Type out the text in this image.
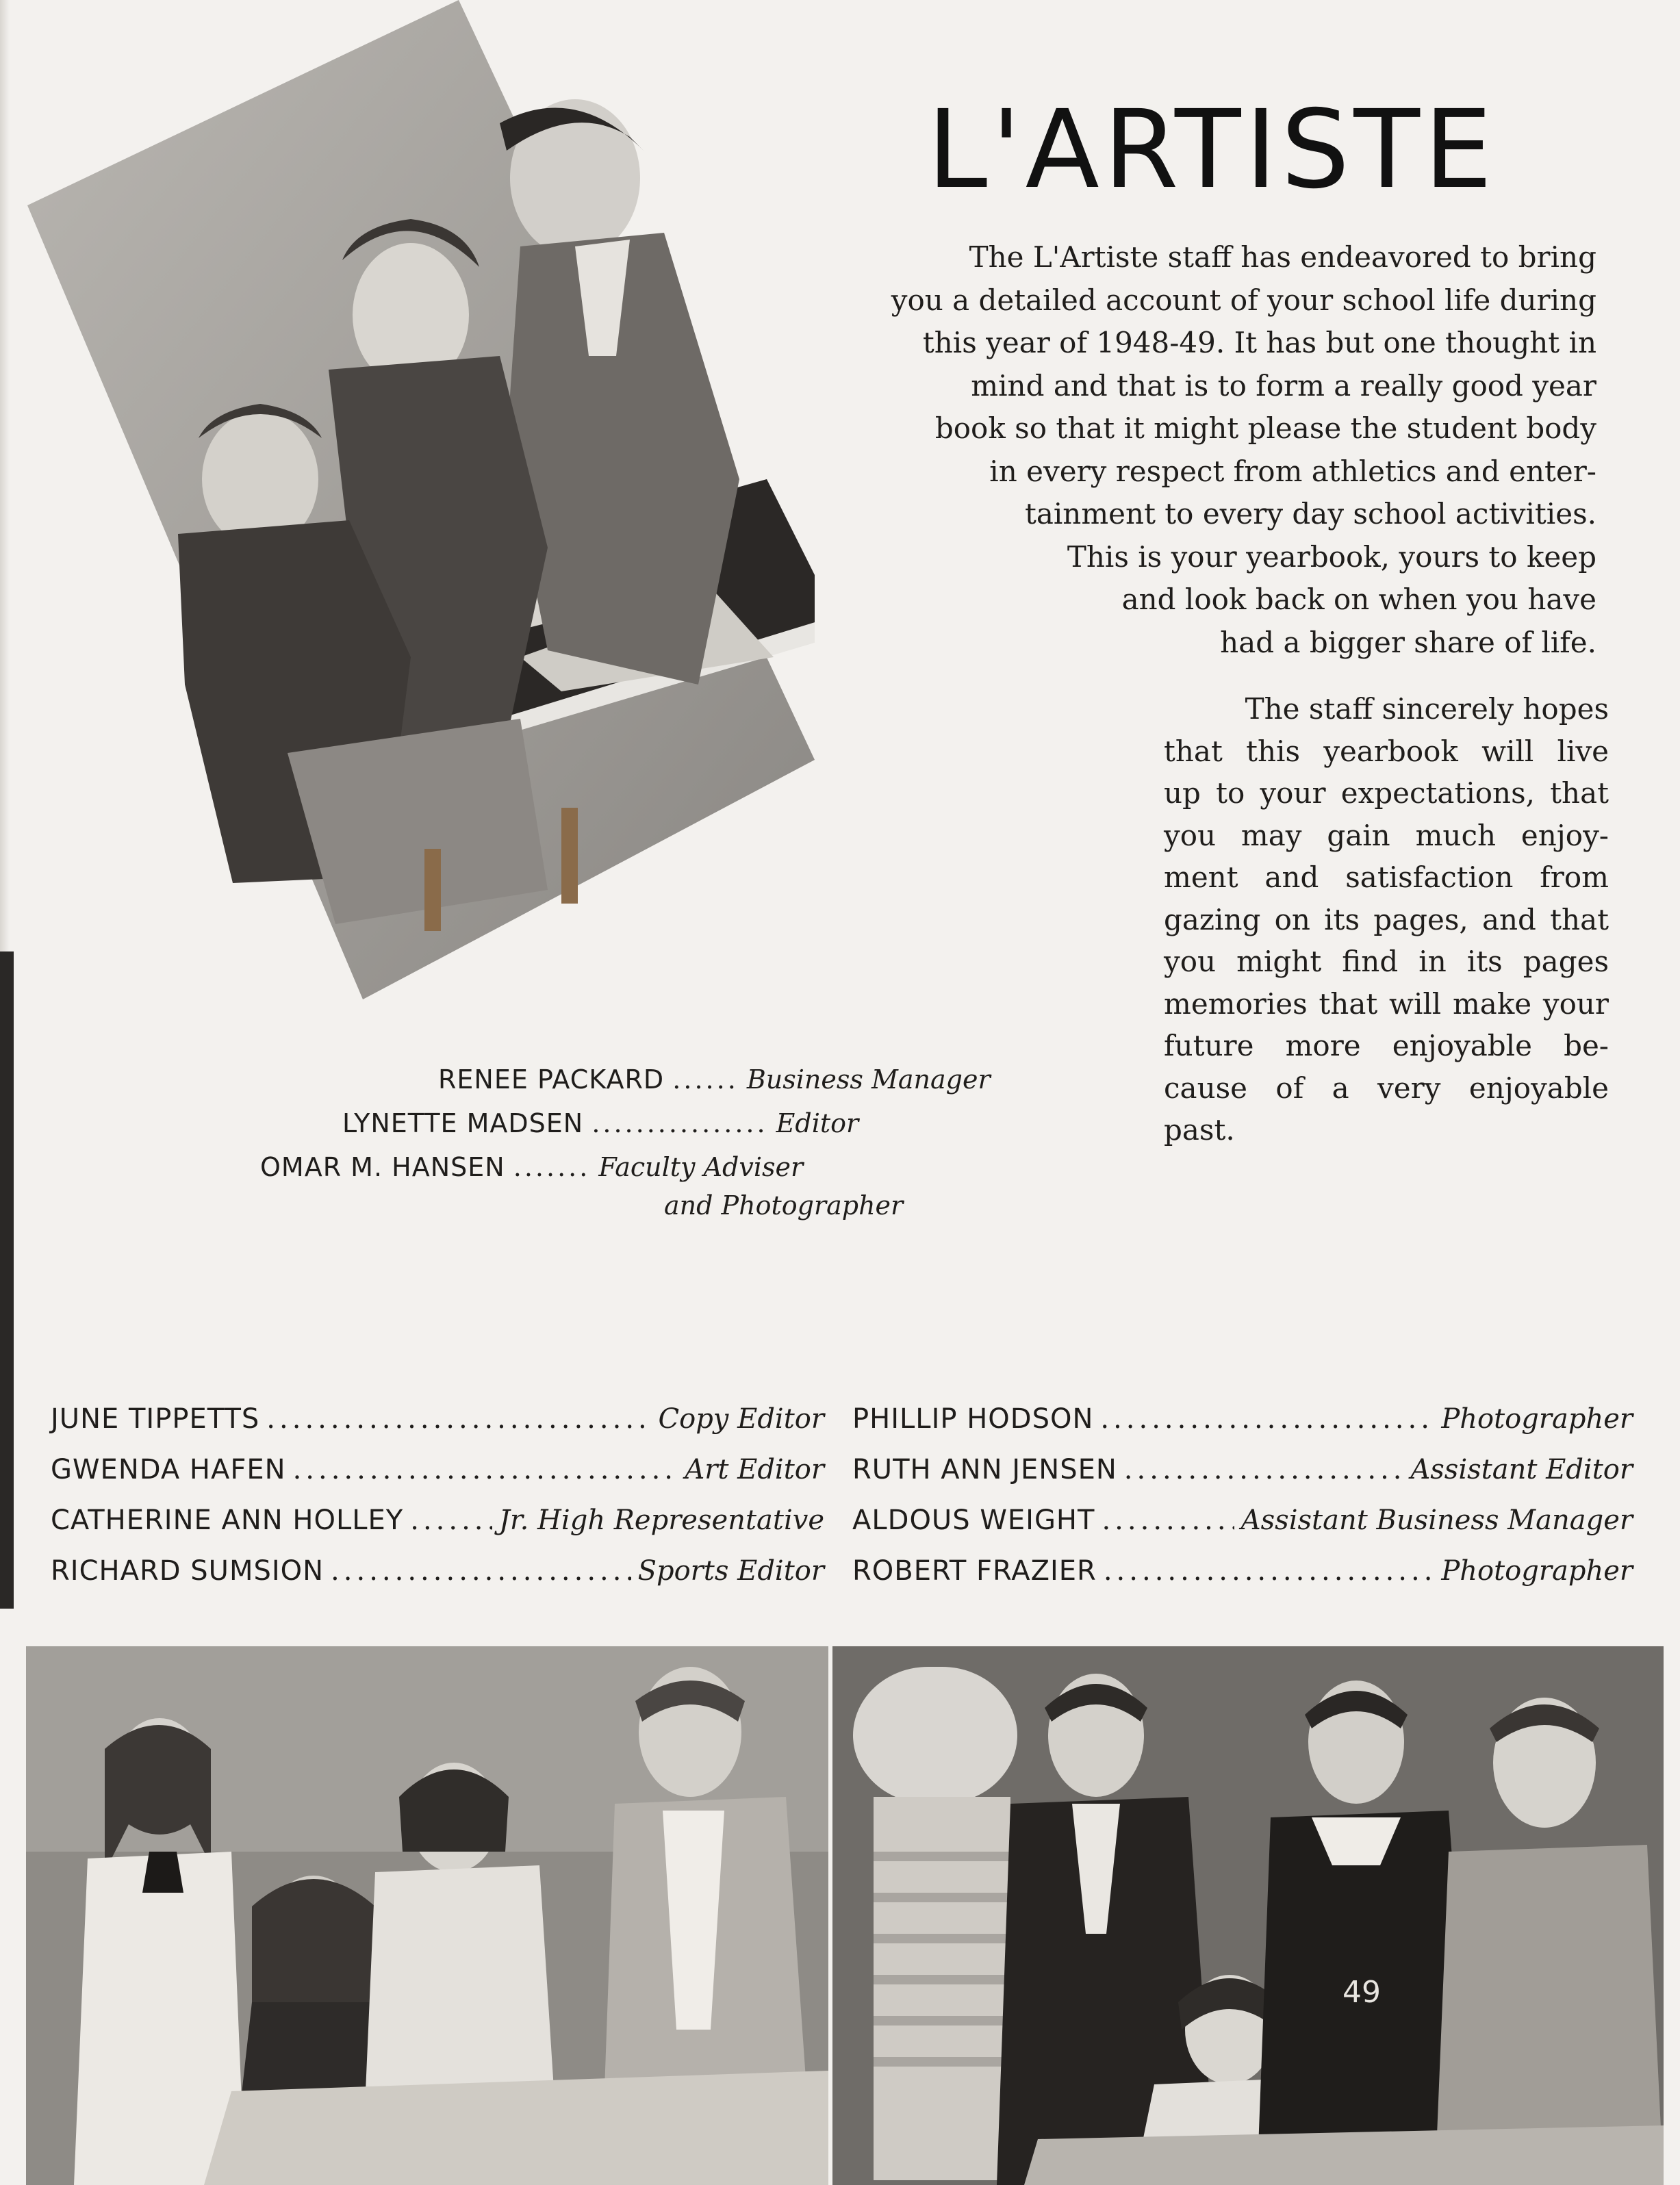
L'ARTISTE

The L'Artiste staff has endeavored to bring
you a detailed account of your school life during
this year of 1948-49. It has but one thought in
mind and that is to form a really good year
book so that it might please the student body
in every respect from athletics and enter-
tainment to every day school activities.
This is your yearbook, yours to keep
and look back on when you have
had a bigger share of life.

The staff sincerely hopes
that this yearbook will live
up to your expectations, that
you may gain much enjoy-
ment and satisfaction from
gazing on its pages, and that
you might find in its pages
memories that will make your
future more enjoyable be-
cause of a very enjoyable
past.

RENEE PACKARD ...... Business Manager
LYNETTE MADSEN ................ Editor
OMAR M. HANSEN ....... Faculty Adviser
and Photographer
JUNE TIPPETTS .....	Copy Editor
GWENDA HAFEN .....	Art Editor
CATHERINE ANN HOLLEY .....	Jr. High Representative
RICHARD SUMSION .....	Sports Editor
PHILLIP HODSON .....	Photographer
RUTH ANN JENSEN .....	Assistant Editor
ALDOUS WEIGHT .....	Assistant Business Manager
ROBERT FRAZIER .....	Photographer
49
